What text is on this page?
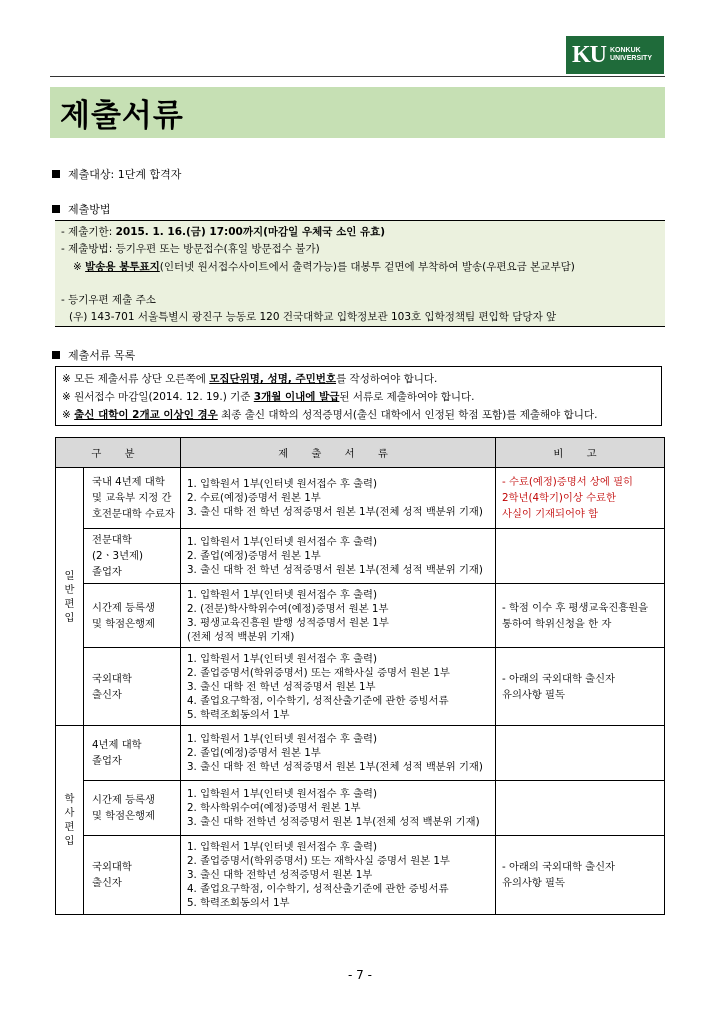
KU KONKUK
UNIVERSITY
제출서류
제출대상: 1단계 합격자
제출방법
- 제출기한: 2015. 1. 16.(금) 17:00까지(마감일 우체국 소인 유효)
- 제출방법: 등기우편 또는 방문접수(휴일 방문접수 불가)
※ 발송용 봉투표지(인터넷 원서접수사이트에서 출력가능)를 대봉투 겉면에 부착하여 발송(우편요금 본교부담)
- 등기우편 제출 주소
(우) 143-701 서울특별시 광진구 능동로 120 건국대학교 입학정보관 103호 입학정책팀 편입학 담당자 앞
제출서류 목록
※ 모든 제출서류 상단 오른쪽에 모집단위명, 성명, 주민번호를 작성하여야 합니다.
※ 원서접수 마감일(2014. 12. 19.) 기준 3개월 이내에 발급된 서류로 제출하여야 합니다.
※ 출신 대학이 2개교 이상인 경우 최종 출신 대학의 성적증명서(출신 대학에서 인정된 학점 포함)를 제출해야 합니다.
구 분		제 출 서 류	비 고
일
반
편
입	국내 4년제 대학
및 교육부 지정 간
호전문대학 수료자	1. 입학원서 1부(인터넷 원서접수 후 출력)
2. 수료(예정)증명서 원본 1부
3. 출신 대학 전 학년 성적증명서 원본 1부(전체 성적 백분위 기재)	- 수료(예정)증명서 상에 필히
2학년(4학기)이상 수료한
사실이 기재되어야 함
	전문대학
(2ㆍ3년제)
졸업자	1. 입학원서 1부(인터넷 원서접수 후 출력)
2. 졸업(예정)증명서 원본 1부
3. 출신 대학 전 학년 성적증명서 원본 1부(전체 성적 백분위 기재)	
	시간제 등록생
및 학점은행제	1. 입학원서 1부(인터넷 원서접수 후 출력)
2. (전문)학사학위수여(예정)증명서 원본 1부
3. 평생교육진흥원 발행 성적증명서 원본 1부
(전체 성적 백분위 기재)	- 학점 이수 후 평생교육진흥원을
통하여 학위신청을 한 자
	국외대학
출신자	1. 입학원서 1부(인터넷 원서접수 후 출력)
2. 졸업증명서(학위증명서) 또는 재학사실 증명서 원본 1부
3. 출신 대학 전 학년 성적증명서 원본 1부
4. 졸업요구학점, 이수학기, 성적산출기준에 관한 증빙서류
5. 학력조회동의서 1부	- 아래의 국외대학 출신자
유의사항 필독
학
사
편
입	4년제 대학
졸업자	1. 입학원서 1부(인터넷 원서접수 후 출력)
2. 졸업(예정)증명서 원본 1부
3. 출신 대학 전 학년 성적증명서 원본 1부(전체 성적 백분위 기재)	
	시간제 등록생
및 학점은행제	1. 입학원서 1부(인터넷 원서접수 후 출력)
2. 학사학위수여(예정)증명서 원본 1부
3. 출신 대학 전학년 성적증명서 원본 1부(전체 성적 백분위 기재)	
	국외대학
출신자	1. 입학원서 1부(인터넷 원서접수 후 출력)
2. 졸업증명서(학위증명서) 또는 재학사실 증명서 원본 1부
3. 출신 대학 전학년 성적증명서 원본 1부
4. 졸업요구학점, 이수학기, 성적산출기준에 관한 증빙서류
5. 학력조회동의서 1부	- 아래의 국외대학 출신자
유의사항 필독
- 7 -
